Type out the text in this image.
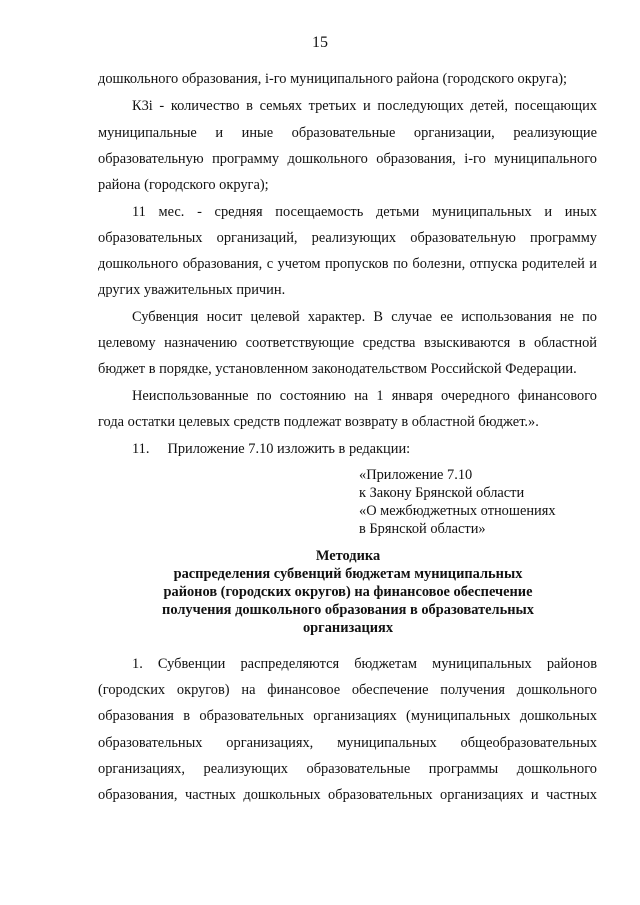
15
дошкольного образования, i-го муниципального района (городского округа);
К3i - количество в семьях третьих и последующих детей, посещающих
муниципальные и иные образовательные организации, реализующие
образовательную программу дошкольного образования, i-го муниципального
района (городского округа);
11 мес. - средняя посещаемость детьми муниципальных и иных
образовательных организаций, реализующих образовательную программу
дошкольного образования, с учетом пропусков по болезни, отпуска родителей и
других уважительных причин.
Субвенция носит целевой характер. В случае ее использования не по
целевому назначению соответствующие средства взыскиваются в областной
бюджет в порядке, установленном законодательством Российской Федерации.
Неиспользованные по состоянию на 1 января очередного финансового
года остатки целевых средств подлежат возврату в областной бюджет.».
11.     Приложение 7.10 изложить в редакции:
«Приложение 7.10
к Закону Брянской области
«О межбюджетных отношениях
в Брянской области»
Методика
распределения субвенций бюджетам муниципальных
районов (городских округов) на финансовое обеспечение
получения дошкольного образования в образовательных
организациях
1. Субвенции распределяются бюджетам муниципальных районов
(городских округов) на финансовое обеспечение получения дошкольного
образования в образовательных организациях (муниципальных дошкольных
образовательных организациях, муниципальных общеобразовательных
организациях, реализующих образовательные программы дошкольного
образования, частных дошкольных образовательных организациях и частных
